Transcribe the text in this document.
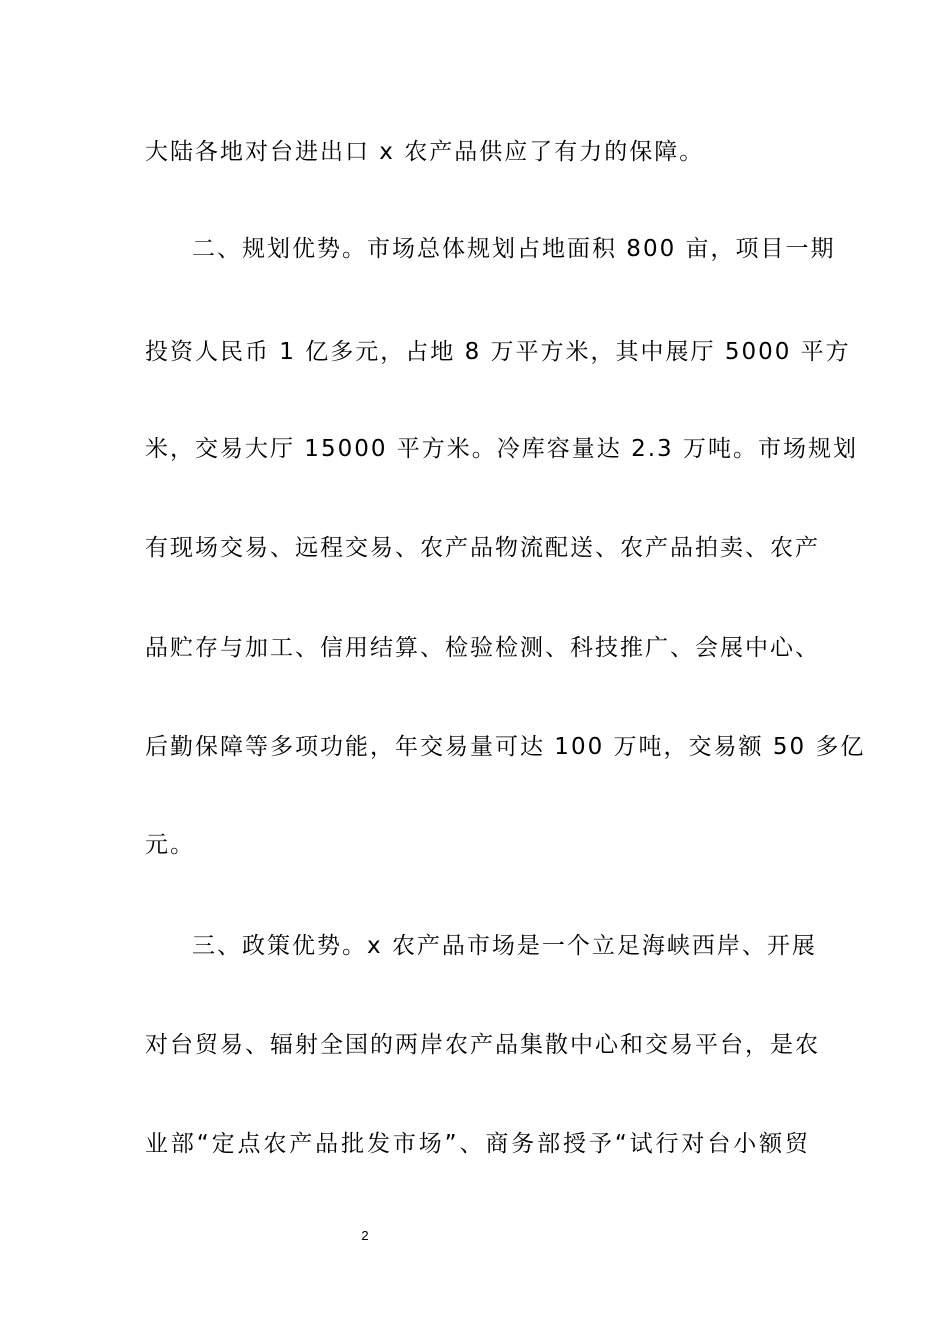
大陆各地对台进出口 x 农产品供应了有力的保障。
二、规划优势。市场总体规划占地面积 800 亩，项目一期
投资人民币 1 亿多元，占地 8 万平方米，其中展厅 5000 平方
米，交易大厅 15000 平方米。冷库容量达 2.3 万吨。市场规划
有现场交易、远程交易、农产品物流配送、农产品拍卖、农产
品贮存与加工、信用结算、检验检测、科技推广、会展中心、
后勤保障等多项功能，年交易量可达 100 万吨，交易额 50 多亿
元。
三、政策优势。x 农产品市场是一个立足海峡西岸、开展
对台贸易、辐射全国的两岸农产品集散中心和交易平台，是农
业部“定点农产品批发市场”、商务部授予“试行对台小额贸
2
